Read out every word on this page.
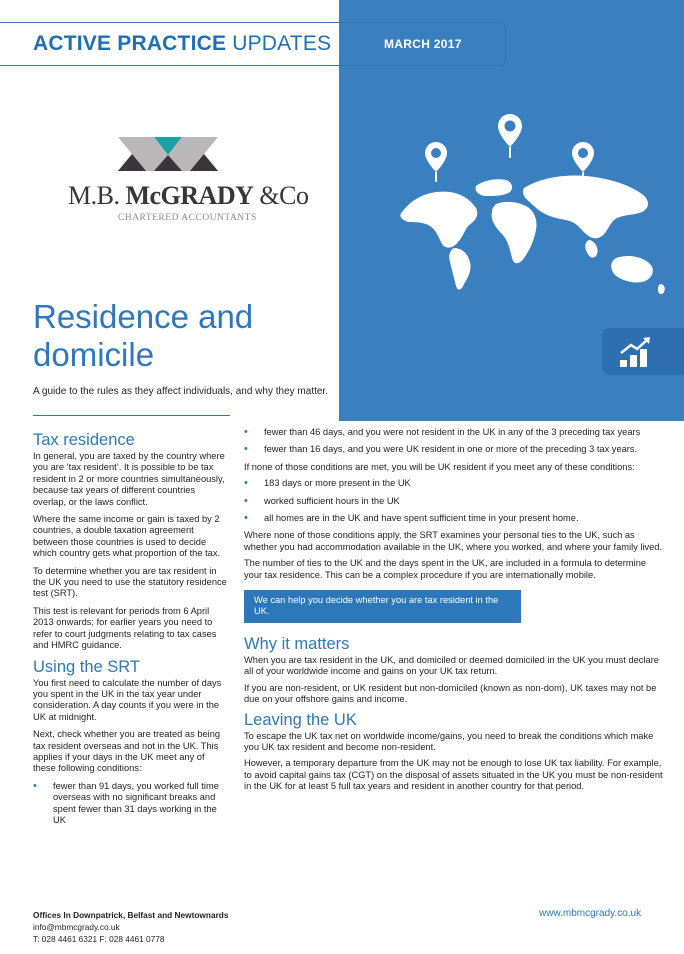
ACTIVE PRACTICE UPDATES	MARCH 2017
M.B. McGRADY &Co
CHARTERED ACCOUNTANTS
Residence and
domicile
A guide to the rules as they affect individuals, and why they matter.
Tax residence

In general, you are taxed by the country where you are ‘tax resident’. It is possible to be tax resident in 2 or more countries simultaneously, because tax years of different countries overlap, or the laws conflict.

Where the same income or gain is taxed by 2 countries, a double taxation agreement between those countries is used to decide which country gets what proportion of the tax.

To determine whether you are tax resident in the UK you need to use the statutory residence test (SRT).

This test is relevant for periods from 6 April 2013 onwards; for earlier years you need to refer to court judgments relating to tax cases and HMRC guidance.

Using the SRT

You first need to calculate the number of days you spent in the UK in the tax year under consideration. A day counts if you were in the UK at midnight.

Next, check whether you are treated as being tax resident overseas and not in the UK. This applies if your days in the UK meet any of these following conditions:

• fewer than 91 days, you worked full time overseas with no significant breaks and spent fewer than 31 days working in the UK
• fewer than 46 days, and you were not resident in the UK in any of the 3 preceding tax years
• fewer than 16 days, and you were UK resident in one or more of the preceding 3 tax years.

If none of those conditions are met, you will be UK resident if you meet any of these conditions:

• 183 days or more present in the UK
• worked sufficient hours in the UK
• all homes are in the UK and have spent sufficient time in your present home.

Where none of those conditions apply, the SRT examines your personal ties to the UK, such as whether you had accommodation available in the UK, where you worked, and where your family lived.

The number of ties to the UK and the days spent in the UK, are included in a formula to determine your tax residence. This can be a complex procedure if you are internationally mobile.

We can help you decide whether you are tax resident in the UK.
Why it matters

When you are tax resident in the UK, and domiciled or deemed domiciled in the UK you must declare all of your worldwide income and gains on your UK tax return.

If you are non-resident, or UK resident but non-domiciled (known as non-dom), UK taxes may not be due on your offshore gains and income.

Leaving the UK

To escape the UK tax net on worldwide income/gains, you need to break the conditions which make you UK tax resident and become non-resident.

However, a temporary departure from the UK may not be enough to lose UK tax liability. For example, to avoid capital gains tax (CGT) on the disposal of assets situated in the UK you must be non-resident in the UK for at least 5 full tax years and resident in another country for that period.

Offices In Downpatrick, Belfast and Newtownards
info@mbmcgrady.co.uk
T: 028 4461 6321 F: 028 4461 0778
www.mbmcgrady.co.uk
